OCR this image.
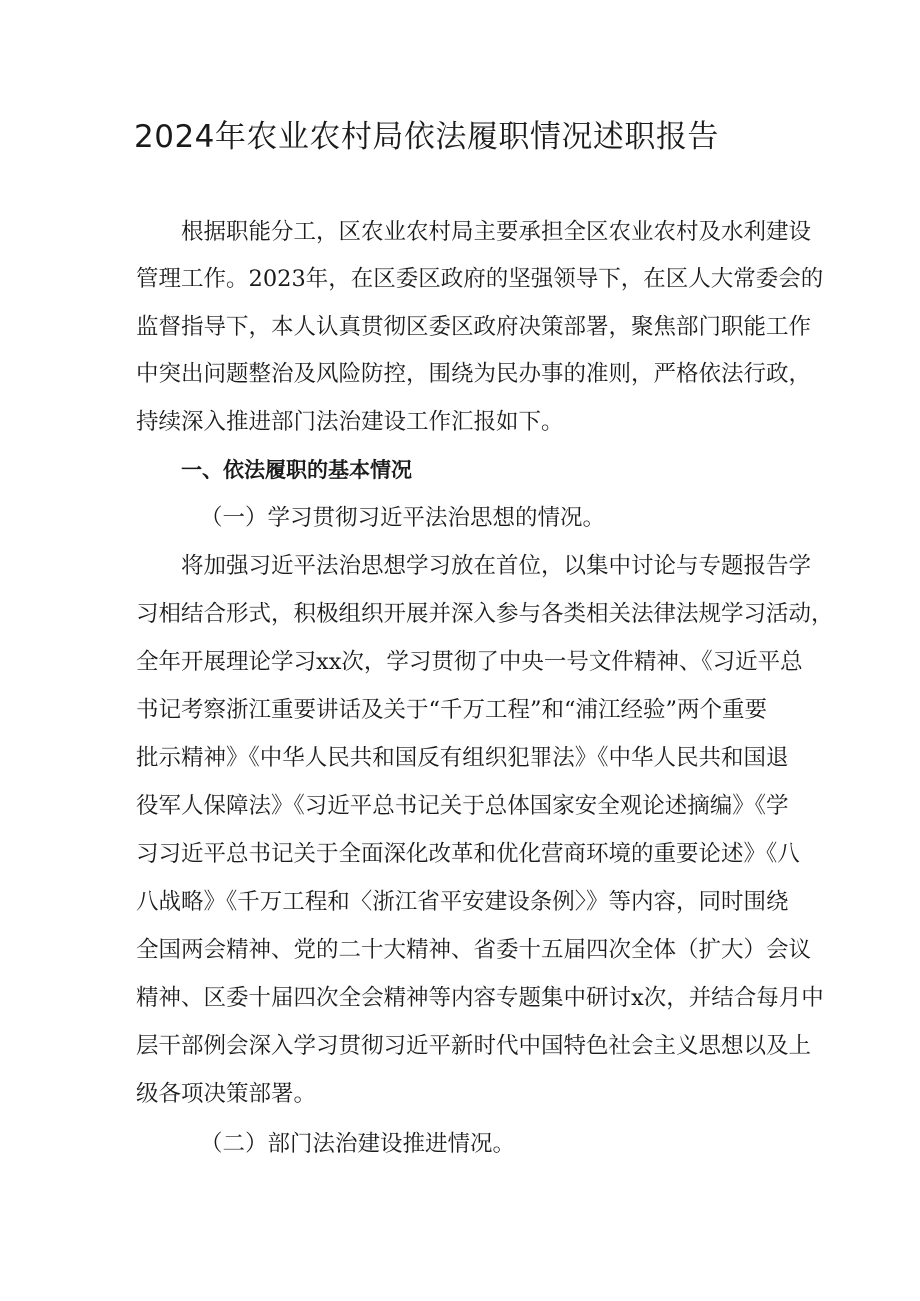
2024年农业农村局依法履职情况述职报告

根据职能分工，区农业农村局主要承担全区农业农村及水利建设

管理工作。2023年，在区委区政府的坚强领导下，在区人大常委会的

监督指导下，本人认真贯彻区委区政府决策部署，聚焦部门职能工作

中突出问题整治及风险防控，围绕为民办事的准则，严格依法行政，

持续深入推进部门法治建设工作汇报如下。

一、依法履职的基本情况

（一）学习贯彻习近平法治思想的情况。

将加强习近平法治思想学习放在首位，以集中讨论与专题报告学

习相结合形式，积极组织开展并深入参与各类相关法律法规学习活动，

全年开展理论学习xx次，学习贯彻了中央一号文件精神、《习近平总

书记考察浙江重要讲话及关于“千万工程”和“浦江经验”两个重要

批示精神》《中华人民共和国反有组织犯罪法》《中华人民共和国退

役军人保障法》《习近平总书记关于总体国家安全观论述摘编》《学

习习近平总书记关于全面深化改革和优化营商环境的重要论述》《八

八战略》《千万工程和〈浙江省平安建设条例〉》等内容，同时围绕

全国两会精神、党的二十大精神、省委十五届四次全体（扩大）会议

精神、区委十届四次全会精神等内容专题集中研讨x次，并结合每月中

层干部例会深入学习贯彻习近平新时代中国特色社会主义思想以及上

级各项决策部署。

（二）部门法治建设推进情况。
